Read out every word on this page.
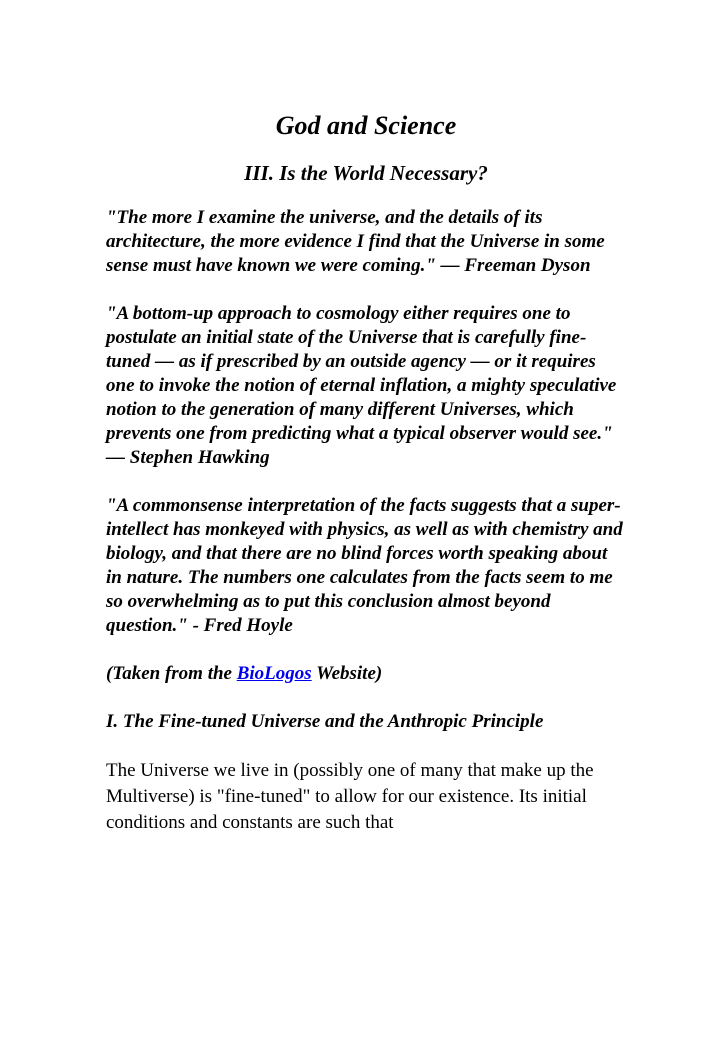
God and Science
III. Is the World Necessary?

"The more I examine the universe, and the details of its architecture, the more evidence I find that the Universe in some sense must have known we were coming." — Freeman Dyson

"A bottom-up approach to cosmology either requires one to postulate an initial state of the Universe that is carefully fine-tuned — as if prescribed by an outside agency — or it requires one to invoke the notion of eternal inflation, a mighty speculative notion to the generation of many different Universes, which prevents one from predicting what a typical observer would see." — Stephen Hawking

"A commonsense interpretation of the facts suggests that a super-intellect has monkeyed with physics, as well as with chemistry and biology, and that there are no blind forces worth speaking about in nature. The numbers one calculates from the facts seem to me so overwhelming as to put this conclusion almost beyond question." - Fred Hoyle

(Taken from the BioLogos Website)

I. The Fine-tuned Universe and the Anthropic Principle

The Universe we live in (possibly one of many that make up the Multiverse) is "fine-tuned" to allow for our existence. Its initial conditions and constants are such that
